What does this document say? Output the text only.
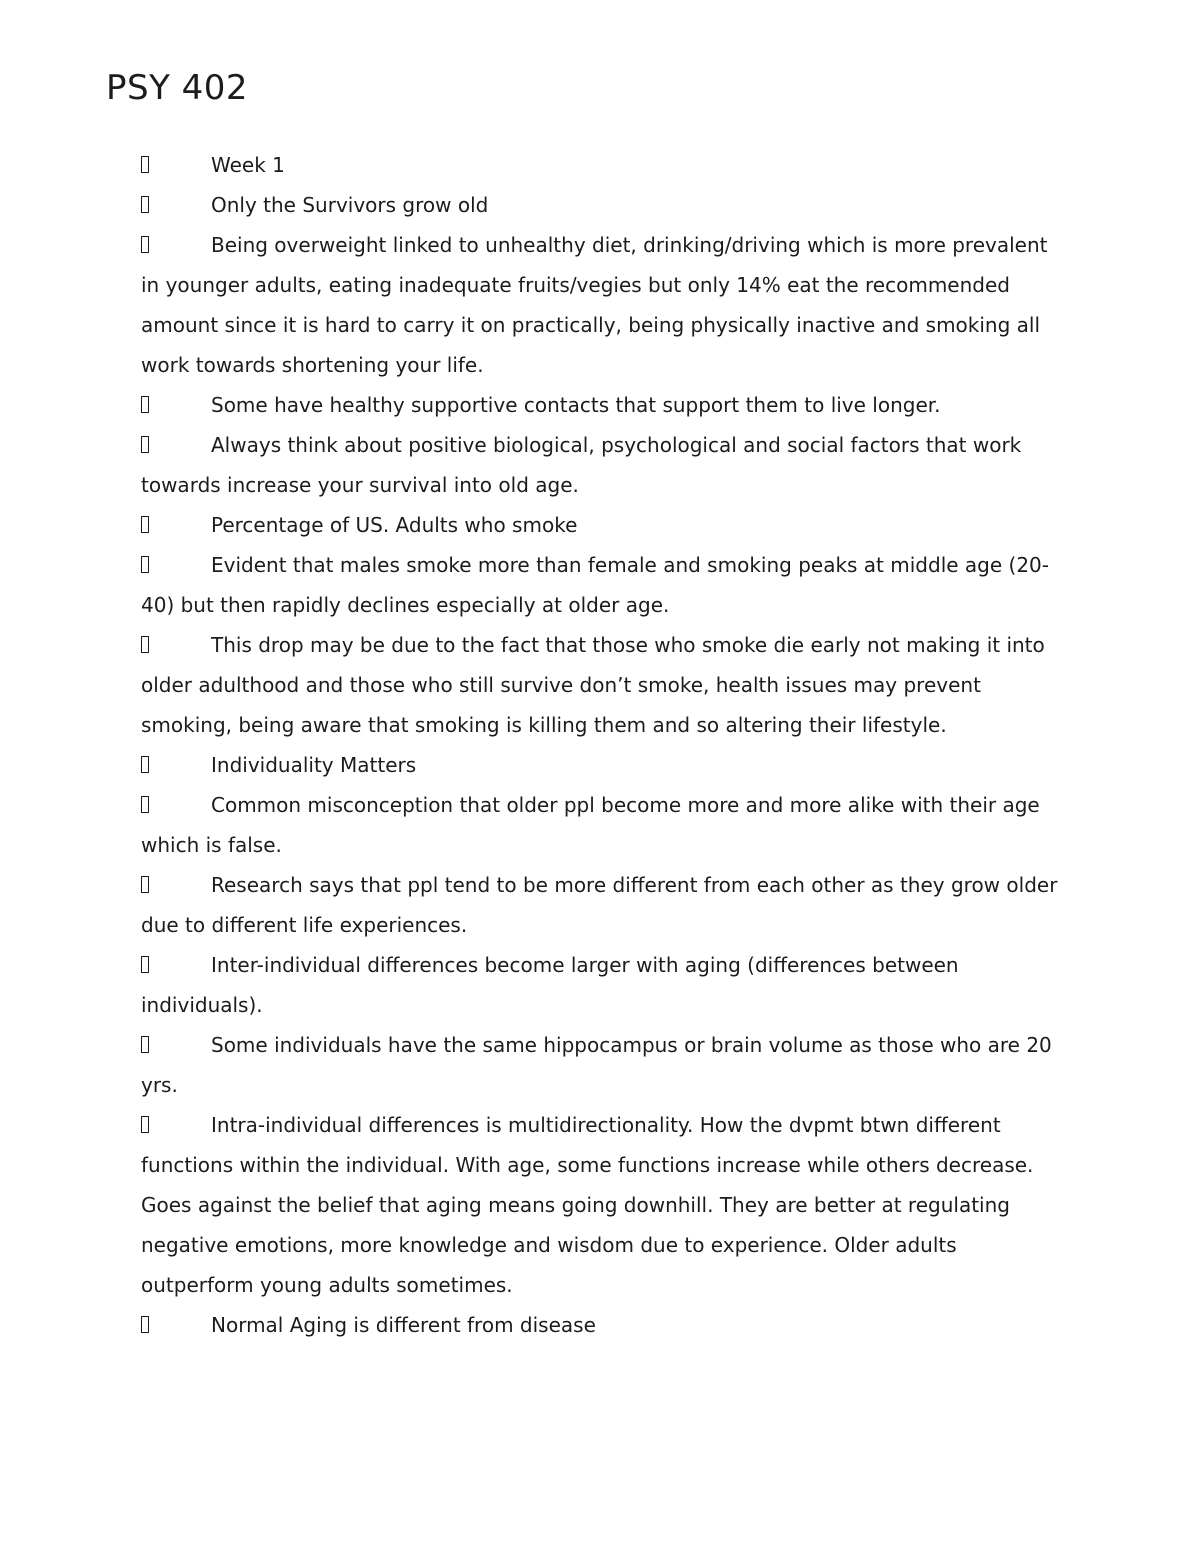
PSY 402
Week 1
Only the Survivors grow old
Being overweight linked to unhealthy diet, drinking/driving which is more prevalent in younger adults, eating inadequate fruits/vegies but only 14% eat the recommended amount since it is hard to carry it on practically, being physically inactive and smoking all work towards shortening your life.
Some have healthy supportive contacts that support them to live longer.
Always think about positive biological, psychological and social factors that work towards increase your survival into old age.
Percentage of US. Adults who smoke
Evident that males smoke more than female and smoking peaks at middle age (20-40) but then rapidly declines especially at older age.
This drop may be due to the fact that those who smoke die early not making it into older adulthood and those who still survive don’t smoke, health issues may prevent smoking, being aware that smoking is killing them and so altering their lifestyle.
Individuality Matters
Common misconception that older ppl become more and more alike with their age which is false.
Research says that ppl tend to be more different from each other as they grow older due to different life experiences.
Inter-individual differences become larger with aging (differences between individuals).
Some individuals have the same hippocampus or brain volume as those who are 20 yrs.
Intra-individual differences is multidirectionality. How the dvpmt btwn different functions within the individual. With age, some functions increase while others decrease. Goes against the belief that aging means going downhill. They are better at regulating negative emotions, more knowledge and wisdom due to experience. Older adults outperform young adults sometimes.
Normal Aging is different from disease
